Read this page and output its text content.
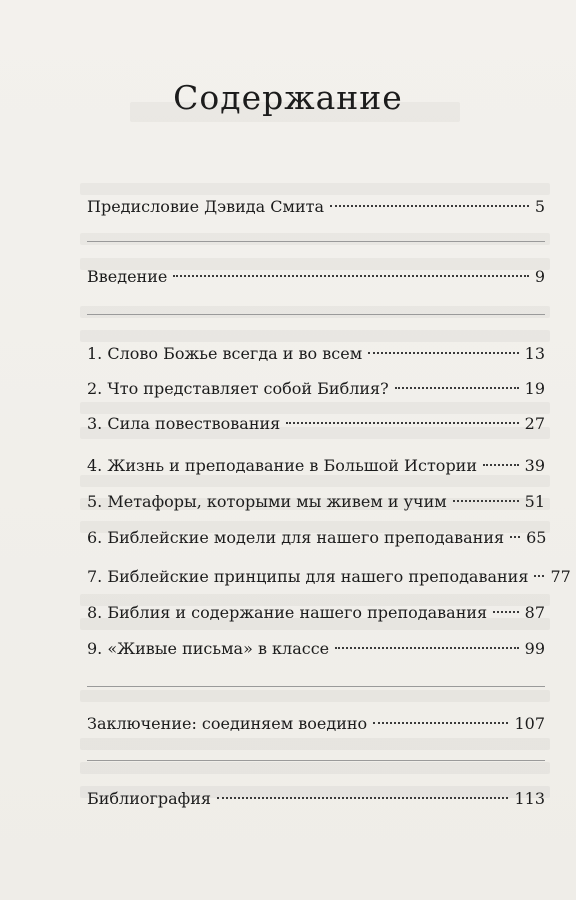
Содержание
Предисловие Дэвида Смита	5
Введение	9
1. Слово Божье всегда и во всем	13
2. Что представляет собой Библия?	19
3. Сила повествования	27
4. Жизнь и преподавание в Большой Истории	39
5. Метафоры, которыми мы живем и учим	51
6. Библейские модели для нашего преподавания 65
7. Библейские принципы для нашего преподавания 77
8. Библия и содержание нашего преподавания 87
9. «Живые письма» в классе	99
Заключение: соединяем воедино	107
Библиография	113
